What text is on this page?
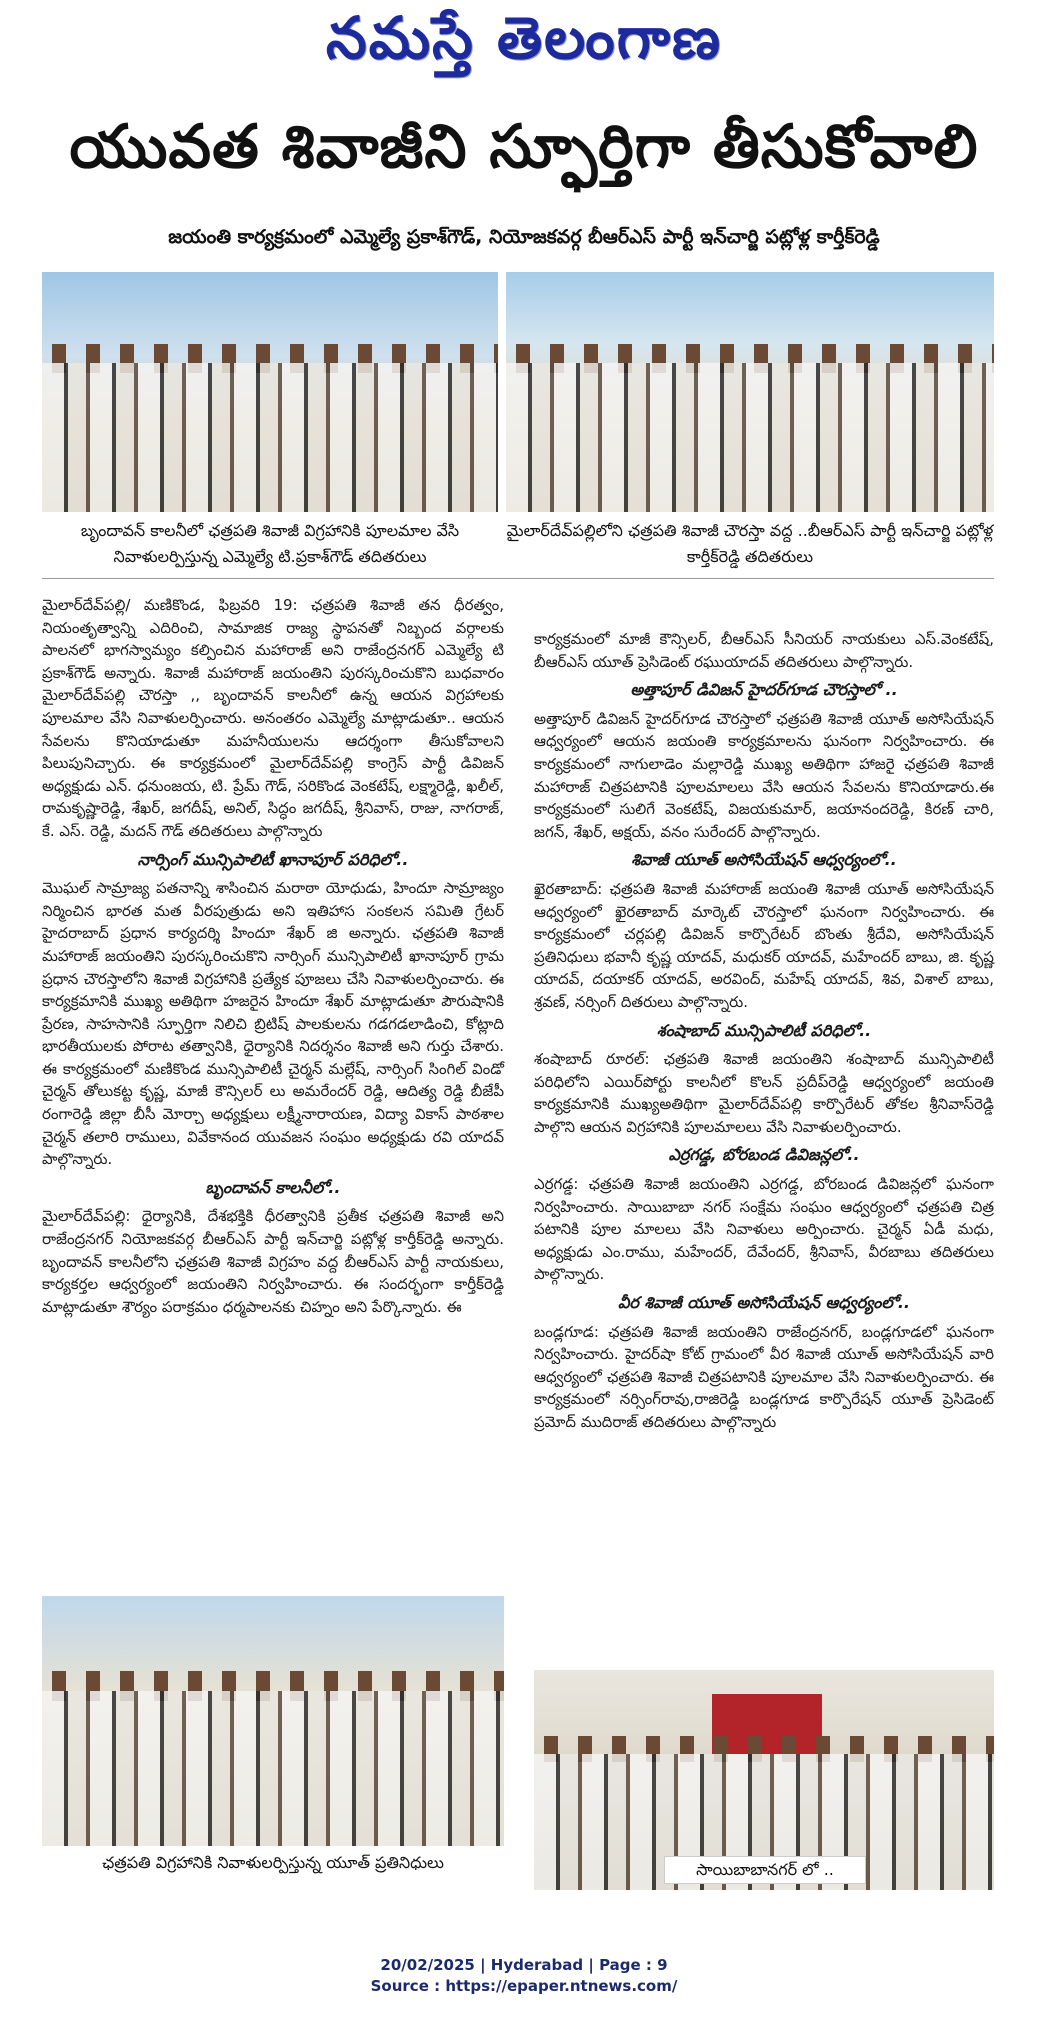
నమస్తే తెలంగాణ
యువత శివాజీని స్ఫూర్తిగా తీసుకోవాలి
జయంతి కార్యక్రమంలో ఎమ్మెల్యే ప్రకాశ్‌గౌడ్, నియోజకవర్గ బీఆర్ఎస్ పార్టీ ఇన్‌చార్జి పట్లోళ్ల కార్తీక్‌రెడ్డి
బృందావన్ కాలనీలో ఛత్రపతి శివాజీ విగ్రహానికి పూలమాల వేసి నివాళులర్పిస్తున్న ఎమ్మెల్యే టి.ప్రకాశ్‌గౌడ్ తదితరులు
మైలార్‌దేవ్‌పల్లిలోని ఛత్రపతి శివాజీ చౌరస్తా వద్ద ..బీఆర్ఎస్ పార్టీ ఇన్‌చార్జి పట్లోళ్ల కార్తీక్‌రెడ్డి తదితరులు

మైలార్‌దేవ్‌పల్లి/ మణికొండ, ఫిబ్రవరి 19: ఛత్రపతి శివాజీ తన ధీరత్వం, నియంతృత్వాన్ని ఎదిరించి, సామాజిక రాజ్య స్థాపనతో నిబ్బంద వర్గాలకు పాలనలో భాగస్వామ్యం కల్పించిన మహారాజ్ అని రాజేంద్రనగర్ ఎమ్మెల్యే టి ప్రకాశ్‌గౌడ్ అన్నారు. శివాజీ మహారాజ్ జయంతిని పురస్కరించుకొని బుధవారం మైలార్‌దేవ్‌పల్లి చౌరస్తా ,, బృందావన్ కాలనీలో ఉన్న ఆయన విగ్రహాలకు పూలమాల వేసి నివాళులర్పించారు. అనంతరం ఎమ్మెల్యే మాట్లాడుతూ.. ఆయన సేవలను కొనియాడుతూ మహనీయులను ఆదర్శంగా తీసుకోవాలని పిలుపునిచ్చారు. ఈ కార్యక్రమంలో మైలార్‌దేవ్‌పల్లి కాంగ్రెస్ పార్టీ డివిజన్ అధ్యక్షుడు ఎన్. ధనుంజయ, టి. ప్రేమ్ గౌడ్, సరికొండ వెంకటేష్, లక్ష్మారెడ్డి, ఖలీల్, రామకృష్ణారెడ్డి, శేఖర్, జగదీష్, అనిల్, సిద్ధం జగదీష్, శ్రీనివాస్, రాజు, నాగరాజ్, కే. ఎస్. రెడ్డి, మదన్ గౌడ్ తదితరులు పాల్గొన్నారు

నార్సింగ్ మున్సిపాలిటీ ఖానాపూర్ పరిధిలో..

మొఘల్ సామ్రాజ్య పతనాన్ని శాసించిన మరాఠా యోధుడు, హిందూ సామ్రాజ్యం నిర్మించిన భారత మత వీరపుత్రుడు అని ఇతిహాస సంకలన సమితి గ్రేటర్ హైదరాబాద్ ప్రధాన కార్యదర్శి హిందూ శేఖర్ జి అన్నారు. ఛత్రపతి శివాజీ మహారాజ్ జయంతిని పురస్కరించుకొని నార్సింగ్ మున్సిపాలిటీ ఖానాపూర్ గ్రామ ప్రధాన చౌరస్తాలోని శివాజీ విగ్రహానికి ప్రత్యేక పూజలు చేసి నివాళులర్పించారు. ఈ కార్యక్రమానికి ముఖ్య అతిథిగా హజరైన హిందూ శేఖర్ మాట్లాడుతూ పౌరుషానికి ప్రేరణ, సాహసానికి స్ఫూర్తిగా నిలిచి బ్రిటిష్ పాలకులను గడగడలాడించి, కోట్లాది భారతీయులకు పోరాట తత్వానికి, ధైర్యానికి నిదర్శనం శివాజీ అని గుర్తు చేశారు. ఈ కార్యక్రమంలో మణికొండ మున్సిపాలిటీ చైర్మన్ మల్లేష్, నార్సింగ్ సింగిల్ విండో చైర్మన్ తోలుకట్ట కృష్ణ, మాజీ కౌన్సిలర్ లు అమరేందర్ రెడ్డి, ఆదిత్య రెడ్డి బీజేపీ రంగారెడ్డి జిల్లా బీసీ మోర్చా అధ్యక్షులు లక్ష్మీనారాయణ, విద్యా వికాస్ పాఠశాల చైర్మన్ తలారి రాములు, వివేకానంద యువజన సంఘం అధ్యక్షుడు రవి యాదవ్ పాల్గొన్నారు.

బృందావన్ కాలనీలో..

మైలార్‌దేవ్‌పల్లి: ధైర్యానికి, దేశభక్తికి ధీరత్వానికి ప్రతీక ఛత్రపతి శివాజీ అని రాజేంద్రనగర్ నియోజకవర్గ బీఆర్ఎస్ పార్టీ ఇన్‌చార్జి పట్లోళ్ల కార్తీక్‌రెడ్డి అన్నారు. బృందావన్ కాలనీలోని ఛత్రపతి శివాజీ విగ్రహం వద్ద బీఆర్ఎస్ పార్టీ నాయకులు, కార్యకర్తల ఆధ్వర్యంలో జయంతిని నిర్వహించారు. ఈ సందర్భంగా కార్తీక్‌రెడ్డి మాట్లాడుతూ శౌర్యం పరాక్రమం ధర్మపాలనకు చిహ్నం అని పేర్కొన్నారు. ఈ

కార్యక్రమంలో మాజీ కౌన్సిలర్, బీఆర్ఎస్ సీనియర్ నాయకులు ఎస్.వెంకటేష్, బీఆర్ఎస్ యూత్ ప్రెసిడెంట్ రఘుయాదవ్ తదితరులు పాల్గొన్నారు.

అత్తాపూర్ డివిజన్ హైదర్‌గూడ చౌరస్తాలో ..

అత్తాపూర్ డివిజన్ హైదర్‌గూడ చౌరస్తాలో ఛత్రపతి శివాజీ యూత్ అసోసియేషన్ ఆధ్వర్యంలో ఆయన జయంతి కార్యక్రమాలను ఘనంగా నిర్వహించారు. ఈ కార్యక్రమంలో నాగులాడెం మల్లారెడ్డి ముఖ్య అతిథిగా హాజరై ఛత్రపతి శివాజీ మహారాజ్ చిత్రపటానికి పూలమాలలు వేసి ఆయన సేవలను కొనియాడారు.ఈ కార్యక్రమంలో సులిగే వెంకటేష్, విజయకుమార్, జయానందరెడ్డి, కిరణ్ చారి, జగన్, శేఖర్, అక్షయ్, వనం సురేందర్ పాల్గొన్నారు.

శివాజీ యూత్ అసోసియేషన్ ఆధ్వర్యంలో..

ఖైరతాబాద్: ఛత్రపతి శివాజీ మహారాజ్ జయంతి శివాజీ యూత్ అసోసియేషన్ ఆధ్వర్యంలో ఖైరతాబాద్ మార్కెట్ చౌరస్తాలో ఘనంగా నిర్వహించారు. ఈ కార్యక్రమంలో చర్లపల్లి డివిజన్ కార్పొరేటర్ బొంతు శ్రీదేవి, అసోసియేషన్ ప్రతినిధులు భవానీ కృష్ణ యాదవ్, మధుకర్ యాదవ్, మహేందర్ బాబు, జి. కృష్ణ యాదవ్, దయాకర్ యాదవ్, అరవింద్, మహేష్ యాదవ్, శివ, విశాల్ బాబు, శ్రవణ్, నర్సింగ్ దితరులు పాల్గొన్నారు.

శంషాబాద్ మున్సిపాలిటీ పరిధిలో..

శంషాబాద్ రూరల్: ఛత్రపతి శివాజీ జయంతిని శంషాబాద్ మున్సిపాలిటీ పరిధిలోని ఎయిర్‌పోర్టు కాలనీలో కొలన్ ప్రదీప్‌రెడ్డి ఆధ్వర్యంలో జయంతి కార్యక్రమానికి ముఖ్యఅతిథిగా మైలార్‌దేవ్‌పల్లి కార్పొరేటర్ తోకల శ్రీనివాస్‌రెడ్డి పాల్గొని ఆయన విగ్రహానికి పూలమాలలు వేసి నివాళులర్పించారు.

ఎర్రగడ్డ, బోరబండ డివిజన్లలో..

ఎర్రగడ్డ: ఛత్రపతి శివాజీ జయంతిని ఎర్రగడ్డ, బోరబండ డివిజన్లలో ఘనంగా నిర్వహించారు. సాయిబాబా నగర్ సంక్షేమ సంఘం ఆధ్వర్యంలో ఛత్రపతి చిత్ర పటానికి పూల మాలలు వేసి నివాళులు అర్పించారు. చైర్మన్ ఏడీ మధు, అధ్యక్షుడు ఎం.రాము, మహేందర్, దేవేందర్, శ్రీనివాస్, వీరబాబు తదితరులు పాల్గొన్నారు.

వీర శివాజీ యూత్ అసోసియేషన్ ఆధ్వర్యంలో..

బండ్లగూడ: ఛత్రపతి శివాజీ జయంతిని రాజేంద్రనగర్, బండ్లగూడలో ఘనంగా నిర్వహించారు. హైదర్‌షా కోట్ గ్రామంలో వీర శివాజీ యూత్ అసోసియేషన్ వారి ఆధ్వర్యంలో ఛత్రపతి శివాజీ చిత్రపటానికి పూలమాల వేసి నివాళులర్పించారు. ఈ కార్యక్రమంలో నర్సింగ్‌రావు,రాజిరెడ్డి బండ్లగూడ కార్పొరేషన్ యూత్ ప్రెసిడెంట్ ప్రమోద్ ముదిరాజ్ తదితరులు పాల్గొన్నారు

ఛత్రపతి విగ్రహానికి నివాళులర్పిస్తున్న యూత్ ప్రతినిధులు	సాయిబాబానగర్ లో ..
20/02/2025 | Hyderabad | Page : 9
Source : https://epaper.ntnews.com/
